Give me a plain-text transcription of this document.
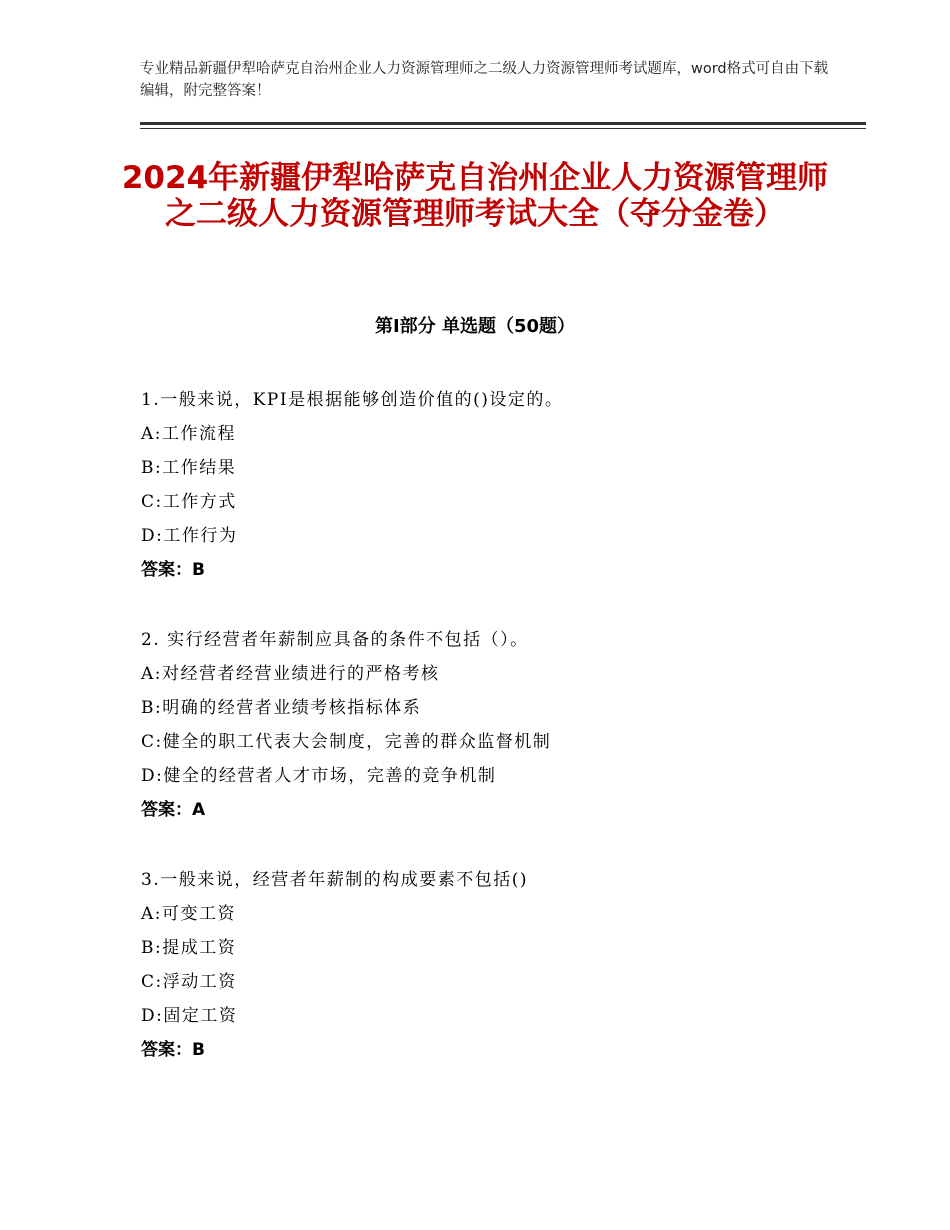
专业精品新疆伊犁哈萨克自治州企业人力资源管理师之二级人力资源管理师考试题库，word格式可自由下载编辑，附完整答案！
2024年新疆伊犁哈萨克自治州企业人力资源管理师之二级人力资源管理师考试大全（夺分金卷）
第Ⅰ部分 单选题（50题）
1.一般来说，KPI是根据能够创造价值的()设定的。
A:工作流程
B:工作结果
C:工作方式
D:工作行为
答案：B
2. 实行经营者年薪制应具备的条件不包括（）。
A:对经营者经营业绩进行的严格考核
B:明确的经营者业绩考核指标体系
C:健全的职工代表大会制度，完善的群众监督机制
D:健全的经营者人才市场，完善的竞争机制
答案：A
3.一般来说，经营者年薪制的构成要素不包括()
A:可变工资
B:提成工资
C:浮动工资
D:固定工资
答案：B
